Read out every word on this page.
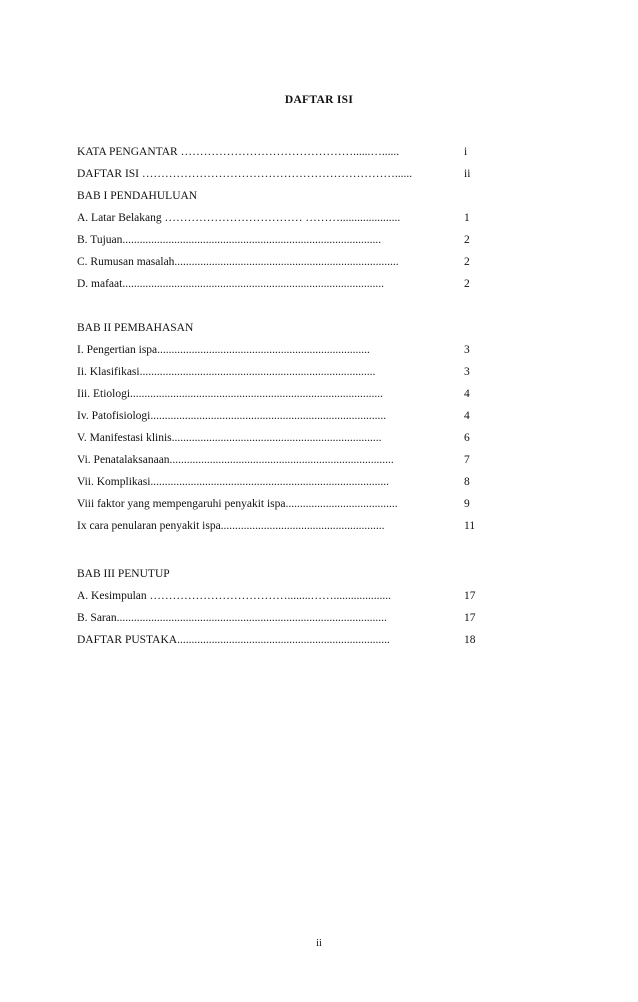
DAFTAR ISI
KATA PENGANTAR ………………………………………......…......	i
DAFTAR ISI …………………………………………………………......	ii
BAB I PENDAHULUAN
A. Latar Belakang ……………………………… ……….....................	1
B. Tujuan..........................................................................................	2
C. Rumusan masalah..............................................................................	2
D. mafaat...........................................................................................	2
BAB II PEMBAHASAN
I. Pengertian ispa..........................................................................	3
Ii. Klasifikasi..................................................................................	3
Iii. Etiologi........................................................................................	4
Iv. Patofisiologi..................................................................................	4
V. Manifestasi klinis.........................................................................	6
Vi. Penatalaksanaan..............................................................................	7
Vii. Komplikasi...................................................................................	8
Viii faktor yang mempengaruhi penyakit ispa.......................................	9
Ix cara penularan penyakit ispa.........................................................	11
BAB III PENUTUP
A. Kesimpulan ………………………………........……....................	17
B. Saran..............................................................................................	17
DAFTAR PUSTAKA..........................................................................	18
ii
